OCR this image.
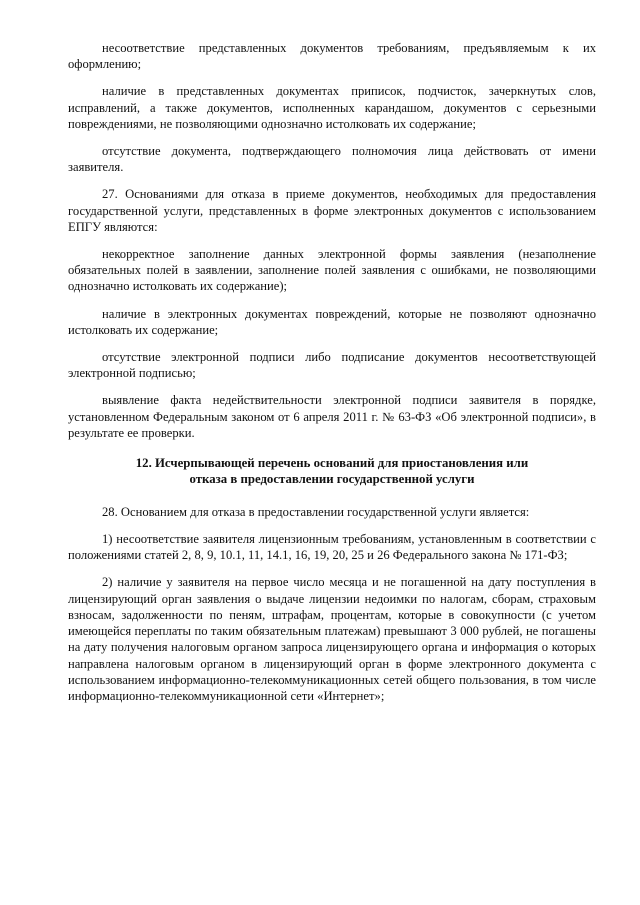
несоответствие представленных документов требованиям, предъявляемым к их оформлению;

наличие в представленных документах приписок, подчисток, зачеркнутых слов, исправлений, а также документов, исполненных карандашом, документов с серьезными повреждениями, не позволяющими однозначно истолковать их содержание;

отсутствие документа, подтверждающего полномочия лица действовать от имени заявителя.

27. Основаниями для отказа в приеме документов, необходимых для предоставления государственной услуги, представленных в форме электронных документов с использованием ЕПГУ являются:

некорректное заполнение данных электронной формы заявления (незаполнение обязательных полей в заявлении, заполнение полей заявления с ошибками, не позволяющими однозначно истолковать их содержание);

наличие в электронных документах повреждений, которые не позволяют однозначно истолковать их содержание;

отсутствие электронной подписи либо подписание документов несоответствующей электронной подписью;

выявление факта недействительности электронной подписи заявителя в порядке, установленном Федеральным законом от 6 апреля 2011 г. № 63-ФЗ «Об электронной подписи», в результате ее проверки.

12. Исчерпывающей перечень оснований для приостановления или
отказа в предоставлении государственной услуги

28. Основанием для отказа в предоставлении государственной услуги является:

1) несоответствие заявителя лицензионным требованиям, установленным в соответствии с положениями статей 2, 8, 9, 10.1, 11, 14.1, 16, 19, 20, 25 и 26 Федерального закона № 171-ФЗ;

2) наличие у заявителя на первое число месяца и не погашенной на дату поступления в лицензирующий орган заявления о выдаче лицензии недоимки по налогам, сборам, страховым взносам, задолженности по пеням, штрафам, процентам, которые в совокупности (с учетом имеющейся переплаты по таким обязательным платежам) превышают 3 000 рублей, не погашены на дату получения налоговым органом запроса лицензирующего органа и информация о которых направлена налоговым органом в лицензирующий орган в форме электронного документа с использованием информационно-телекоммуникационных сетей общего пользования, в том числе информационно-телекоммуникационной сети «Интернет»;
